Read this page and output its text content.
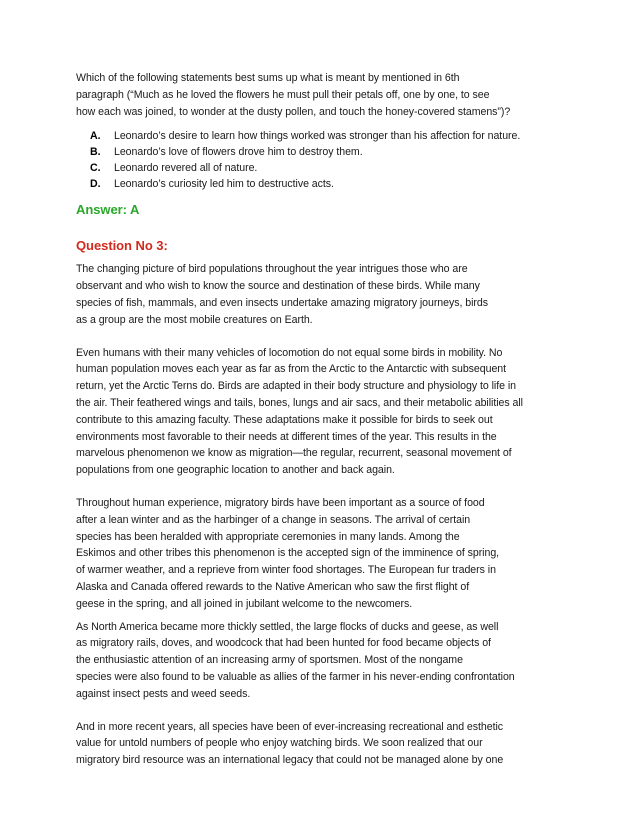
Which of the following statements best sums up what is meant by mentioned in 6th
paragraph (“Much as he loved the flowers he must pull their petals off, one by one, to see
how each was joined, to wonder at the dusty pollen, and touch the honey-covered stamens”)?
A.	Leonardo’s desire to learn how things worked was stronger than his affection for nature.
B.	Leonardo’s love of flowers drove him to destroy them.
C.	Leonardo revered all of nature.
D.	Leonardo’s curiosity led him to destructive acts.
Answer: A
Question No 3:
The changing picture of bird populations throughout the year intrigues those who are
observant and who wish to know the source and destination of these birds. While many
species of fish, mammals, and even insects undertake amazing migratory journeys, birds
as a group are the most mobile creatures on Earth.
Even humans with their many vehicles of locomotion do not equal some birds in mobility. No
human population moves each year as far as from the Arctic to the Antarctic with subsequent
return, yet the Arctic Terns do. Birds are adapted in their body structure and physiology to life in
the air. Their feathered wings and tails, bones, lungs and air sacs, and their metabolic abilities all
contribute to this amazing faculty. These adaptations make it possible for birds to seek out
environments most favorable to their needs at different times of the year. This results in the
marvelous phenomenon we know as migration—the regular, recurrent, seasonal movement of
populations from one geographic location to another and back again.
Throughout human experience, migratory birds have been important as a source of food
after a lean winter and as the harbinger of a change in seasons. The arrival of certain
species has been heralded with appropriate ceremonies in many lands. Among the
Eskimos and other tribes this phenomenon is the accepted sign of the imminence of spring,
of warmer weather, and a reprieve from winter food shortages. The European fur traders in
Alaska and Canada offered rewards to the Native American who saw the first flight of
geese in the spring, and all joined in jubilant welcome to the newcomers.
As North America became more thickly settled, the large flocks of ducks and geese, as well
as migratory rails, doves, and woodcock that had been hunted for food became objects of
the enthusiastic attention of an increasing army of sportsmen. Most of the nongame
species were also found to be valuable as allies of the farmer in his never-ending confrontation
against insect pests and weed seeds.
And in more recent years, all species have been of ever-increasing recreational and esthetic
value for untold numbers of people who enjoy watching birds. We soon realized that our
migratory bird resource was an international legacy that could not be managed alone by one
